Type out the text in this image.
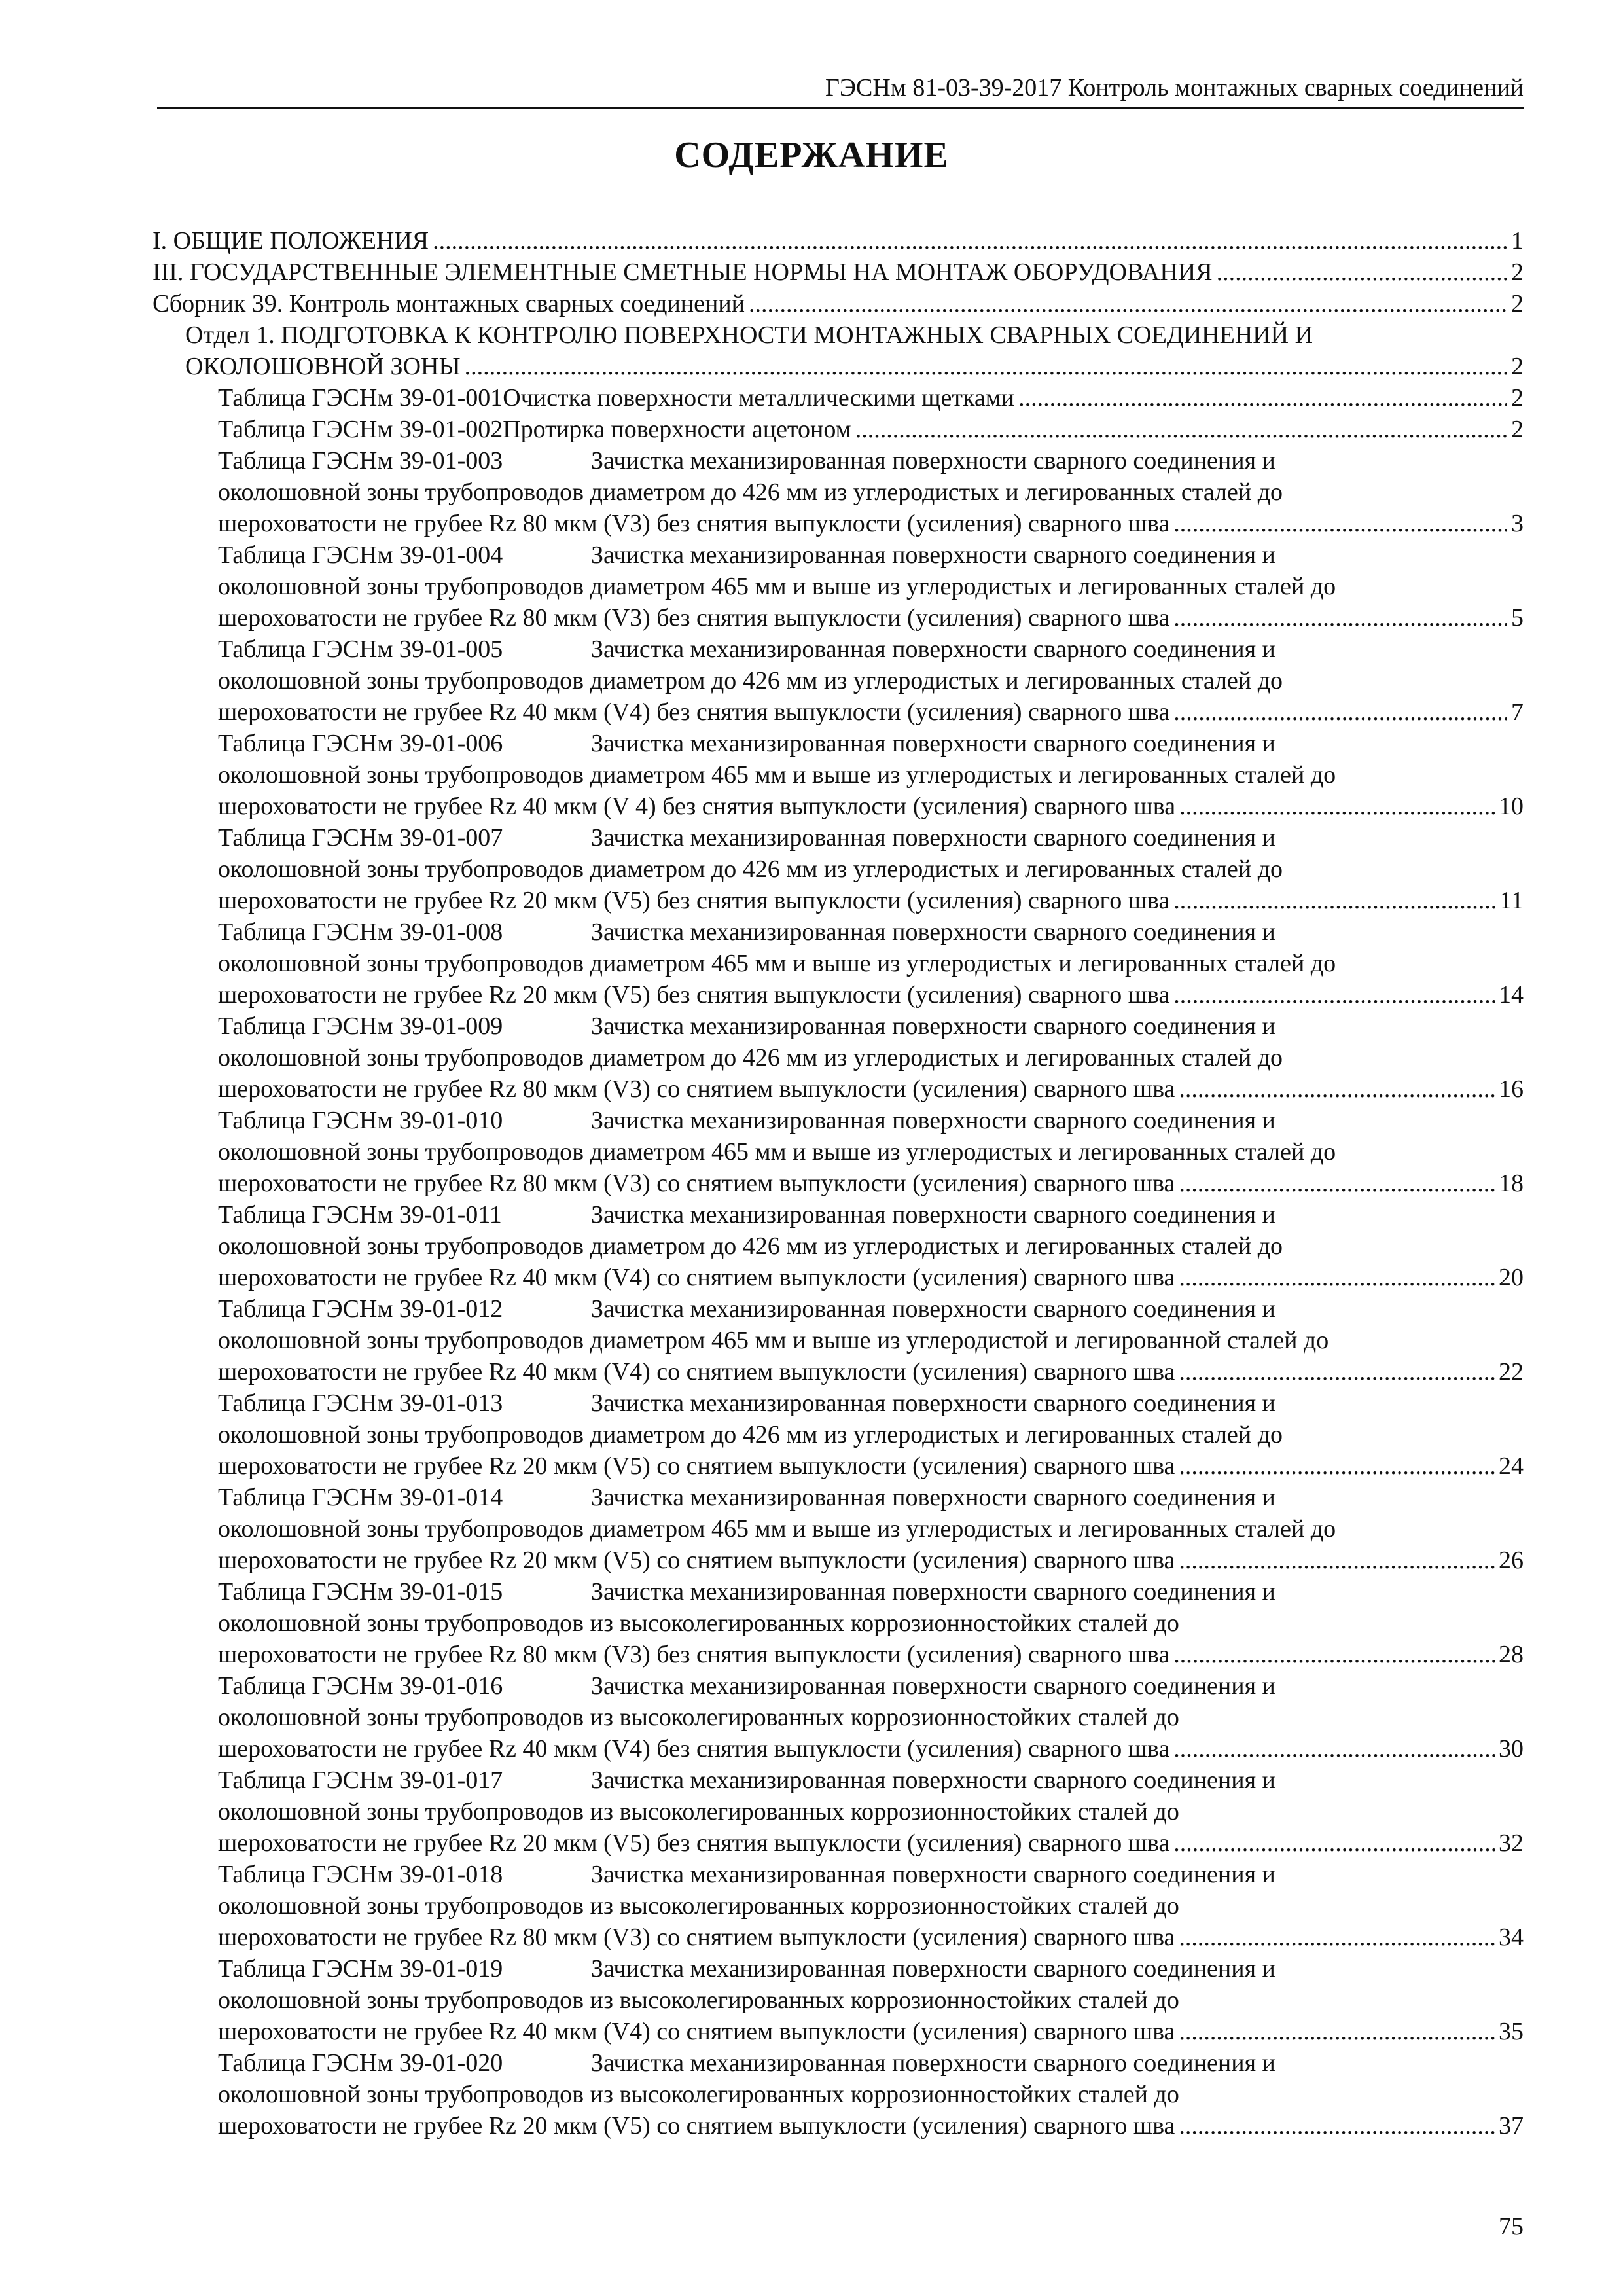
ГЭСНм 81-03-39-2017 Контроль монтажных сварных соединений
СОДЕРЖАНИЕ
I. ОБЩИЕ ПОЛОЖЕНИЯ .....	1
III. ГОСУДАРСТВЕННЫЕ ЭЛЕМЕНТНЫЕ СМЕТНЫЕ НОРМЫ НА МОНТАЖ ОБОРУДОВАНИЯ .....	2
Сборник 39. Контроль монтажных сварных соединений .....	2
Отдел 1. ПОДГОТОВКА К КОНТРОЛЮ ПОВЕРХНОСТИ МОНТАЖНЫХ СВАРНЫХ СОЕДИНЕНИЙ И
ОКОЛОШОВНОЙ ЗОНЫ .....	2
Таблица ГЭСНм 39-01-001 Очистка поверхности металлическими щетками .....	2
Таблица ГЭСНм 39-01-002 Протирка поверхности ацетоном .....	2
Таблица ГЭСНм 39-01-003	Зачистка механизированная поверхности сварного соединения и
околошовной зоны трубопроводов диаметром до 426 мм из углеродистых и легированных сталей до
шероховатости не грубее Rz 80 мкм (V3) без снятия выпуклости (усиления) сварного шва .....	3
Таблица ГЭСНм 39-01-004	Зачистка механизированная поверхности сварного соединения и
околошовной зоны трубопроводов диаметром 465 мм и выше из углеродистых и легированных сталей до
шероховатости не грубее Rz 80 мкм (V3) без снятия выпуклости (усиления) сварного шва .....	5
Таблица ГЭСНм 39-01-005	Зачистка механизированная поверхности сварного соединения и
околошовной зоны трубопроводов диаметром до 426 мм из углеродистых и легированных сталей до
шероховатости не грубее Rz 40 мкм (V4) без снятия выпуклости (усиления) сварного шва .....	7
Таблица ГЭСНм 39-01-006	Зачистка механизированная поверхности сварного соединения и
околошовной зоны трубопроводов диаметром 465 мм и выше из углеродистых и легированных сталей до
шероховатости не грубее Rz 40 мкм (V 4) без снятия выпуклости (усиления) сварного шва .....	10
Таблица ГЭСНм 39-01-007	Зачистка механизированная поверхности сварного соединения и
околошовной зоны трубопроводов диаметром до 426 мм из углеродистых и легированных сталей до
шероховатости не грубее Rz 20 мкм (V5) без снятия выпуклости (усиления) сварного шва .....	11
Таблица ГЭСНм 39-01-008	Зачистка механизированная поверхности сварного соединения и
околошовной зоны трубопроводов диаметром 465 мм и выше из углеродистых и легированных сталей до
шероховатости не грубее Rz 20 мкм (V5) без снятия выпуклости (усиления) сварного шва .....	14
Таблица ГЭСНм 39-01-009	Зачистка механизированная поверхности сварного соединения и
околошовной зоны трубопроводов диаметром до 426 мм из углеродистых и легированных сталей до
шероховатости не грубее Rz 80 мкм (V3) со снятием выпуклости (усиления) сварного шва .....	16
Таблица ГЭСНм 39-01-010	Зачистка механизированная поверхности сварного соединения и
околошовной зоны трубопроводов диаметром 465 мм и выше из углеродистых и легированных сталей до
шероховатости не грубее Rz 80 мкм (V3) со снятием выпуклости (усиления) сварного шва .....	18
Таблица ГЭСНм 39-01-011	Зачистка механизированная поверхности сварного соединения и
околошовной зоны трубопроводов диаметром до 426 мм из углеродистых и легированных сталей до
шероховатости не грубее Rz 40 мкм (V4) со снятием выпуклости (усиления) сварного шва .....	20
Таблица ГЭСНм 39-01-012	Зачистка механизированная поверхности сварного соединения и
околошовной зоны трубопроводов диаметром 465 мм и выше из углеродистой и легированной сталей до
шероховатости не грубее Rz 40 мкм (V4) со снятием выпуклости (усиления) сварного шва .....	22
Таблица ГЭСНм 39-01-013	Зачистка механизированная поверхности сварного соединения и
околошовной зоны трубопроводов диаметром до 426 мм из углеродистых и легированных сталей до
шероховатости не грубее Rz 20 мкм (V5) со снятием выпуклости (усиления) сварного шва .....	24
Таблица ГЭСНм 39-01-014	Зачистка механизированная поверхности сварного соединения и
околошовной зоны трубопроводов диаметром 465 мм и выше из углеродистых и легированных сталей до
шероховатости не грубее Rz 20 мкм (V5) со снятием выпуклости (усиления) сварного шва .....	26
Таблица ГЭСНм 39-01-015	Зачистка механизированная поверхности сварного соединения и
околошовной зоны трубопроводов из высоколегированных коррозионностойких сталей до
шероховатости не грубее Rz 80 мкм (V3) без снятия выпуклости (усиления) сварного шва .....	28
Таблица ГЭСНм 39-01-016	Зачистка механизированная поверхности сварного соединения и
околошовной зоны трубопроводов из высоколегированных коррозионностойких сталей до
шероховатости не грубее Rz 40 мкм (V4) без снятия выпуклости (усиления) сварного шва .....	30
Таблица ГЭСНм 39-01-017	Зачистка механизированная поверхности сварного соединения и
околошовной зоны трубопроводов из высоколегированных коррозионностойких сталей до
шероховатости не грубее Rz 20 мкм (V5) без снятия выпуклости (усиления) сварного шва .....	32
Таблица ГЭСНм 39-01-018	Зачистка механизированная поверхности сварного соединения и
околошовной зоны трубопроводов из высоколегированных коррозионностойких сталей до
шероховатости не грубее Rz 80 мкм (V3) со снятием выпуклости (усиления) сварного шва .....	34
Таблица ГЭСНм 39-01-019	Зачистка механизированная поверхности сварного соединения и
околошовной зоны трубопроводов из высоколегированных коррозионностойких сталей до
шероховатости не грубее Rz 40 мкм (V4) со снятием выпуклости (усиления) сварного шва .....	35
Таблица ГЭСНм 39-01-020	Зачистка механизированная поверхности сварного соединения и
околошовной зоны трубопроводов из высоколегированных коррозионностойких сталей до
шероховатости не грубее Rz 20 мкм (V5) со снятием выпуклости (усиления) сварного шва .....	37
75
